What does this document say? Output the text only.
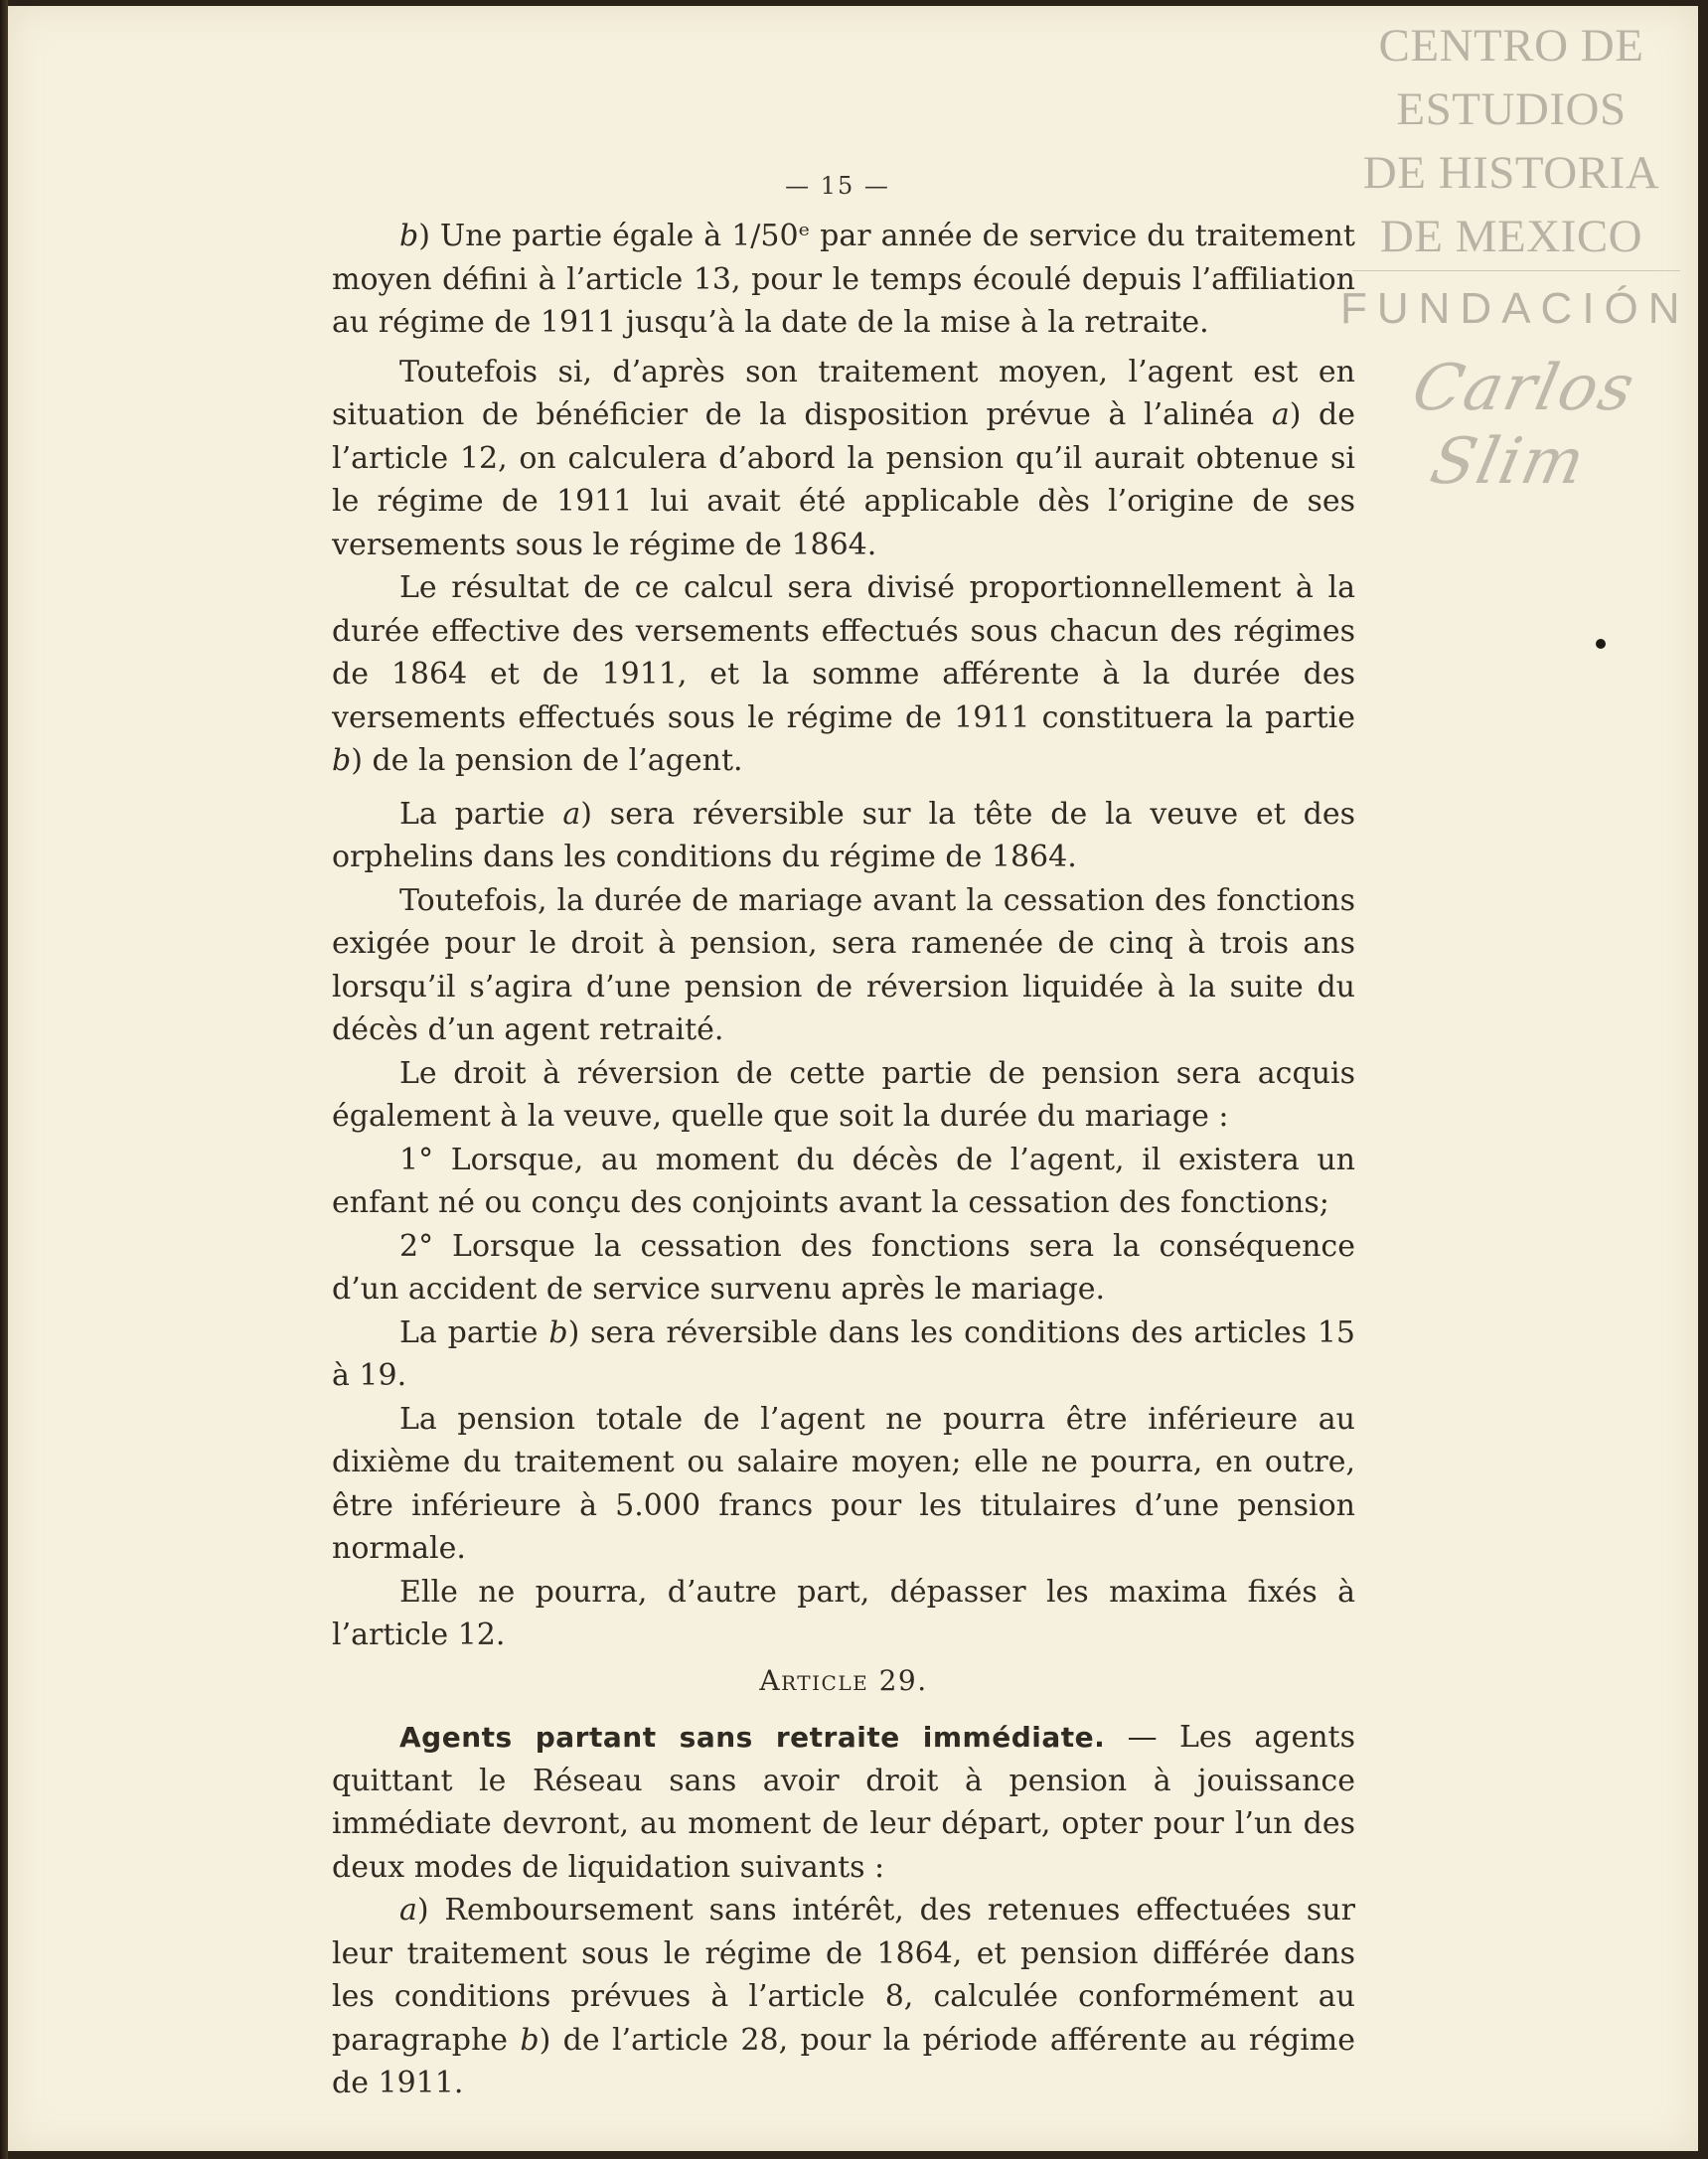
CENTRO DE
ESTUDIOS
DE HISTORIA
DE MEXICO
FUNDACIÓN
Carlos Slim
— 15 —

b) Une partie égale à 1/50ᵉ par année de service du traitement moyen défini à l’article 13, pour le temps écoulé depuis l’affiliation au régime de 1911 jusqu’à la date de la mise à la retraite.

Toutefois si, d’après son traitement moyen, l’agent est en situation de bénéficier de la disposition prévue à l’alinéa a) de l’article 12, on calculera d’abord la pension qu’il aurait obtenue si le régime de 1911 lui avait été applicable dès l’origine de ses versements sous le régime de 1864.

Le résultat de ce calcul sera divisé proportionnellement à la durée effective des versements effectués sous chacun des régimes de 1864 et de 1911, et la somme afférente à la durée des versements effectués sous le régime de 1911 constituera la partie b) de la pension de l’agent.

La partie a) sera réversible sur la tête de la veuve et des orphelins dans les conditions du régime de 1864.

Toutefois, la durée de mariage avant la cessation des fonctions exigée pour le droit à pension, sera ramenée de cinq à trois ans lorsqu’il s’agira d’une pension de réversion liquidée à la suite du décès d’un agent retraité.

Le droit à réversion de cette partie de pension sera acquis également à la veuve, quelle que soit la durée du mariage :

1° Lorsque, au moment du décès de l’agent, il existera un enfant né ou conçu des conjoints avant la cessation des fonctions;

2° Lorsque la cessation des fonctions sera la conséquence d’un accident de service survenu après le mariage.

La partie b) sera réversible dans les conditions des articles 15 à 19.

La pension totale de l’agent ne pourra être inférieure au dixième du traitement ou salaire moyen; elle ne pourra, en outre, être inférieure à 5.000 francs pour les titulaires d’une pension normale.

Elle ne pourra, d’autre part, dépasser les maxima fixés à l’article 12.

Article 29.

Agents partant sans retraite immédiate. — Les agents quittant le Réseau sans avoir droit à pension à jouissance immédiate devront, au moment de leur départ, opter pour l’un des deux modes de liquidation suivants :

a) Remboursement sans intérêt, des retenues effectuées sur leur traitement sous le régime de 1864, et pension différée dans les conditions prévues à l’article 8, calculée conformément au paragraphe b) de l’article 28, pour la période afférente au régime de 1911.
